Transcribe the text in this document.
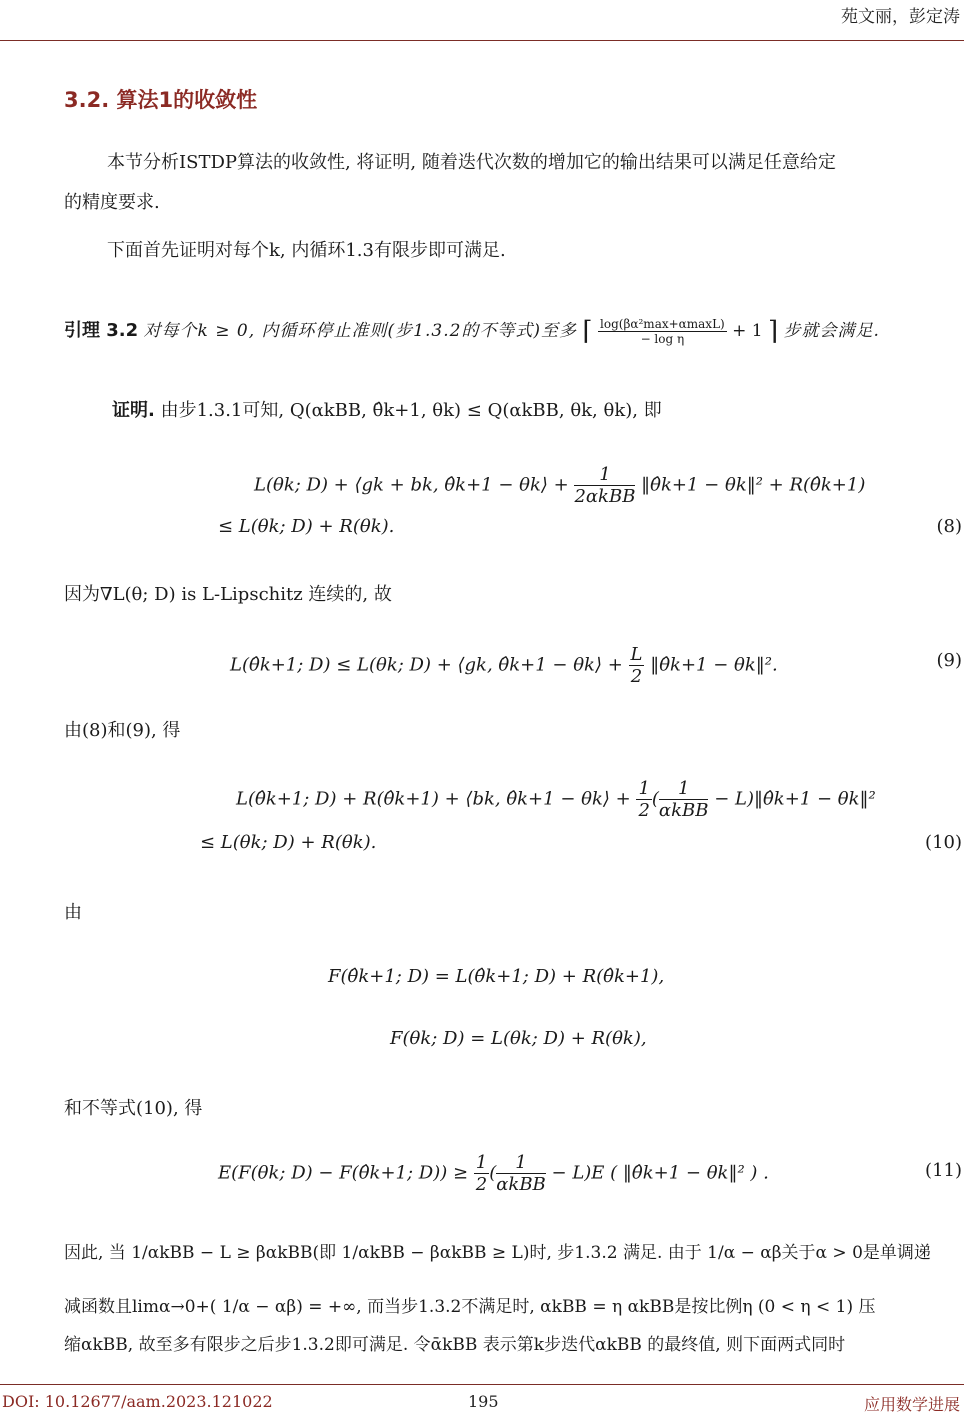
苑文丽，彭定涛
3.2. 算法1的收敛性
本节分析ISTDP算法的收敛性, 将证明, 随着迭代次数的增加它的输出结果可以满足任意给定
的精度要求.
下面首先证明对每个k, 内循环1.3有限步即可满足.
引理 3.2 对每个k ≥ 0, 内循环停止准则(步1.3.2的不等式)至多 ⌈ $\frac{\text{log(βα²max+αmaxL)}}{\text{− log η}} + 1$ ⌉ 步就会满足.
证明. 由步1.3.1可知, Q(αkBB, θ̂k+1, θk) ≤ Q(αkBB, θk, θk), 即
L(θk; D) + ⟨gk + bk, θ̂k+1 − θk⟩ + $\frac{1}{\text{2αkBB}}$ ‖θ̂k+1 − θk‖² + R(θ̂k+1)
≤ L(θk; D) + R(θk).	(8)
因为∇L(θ; D) is L-Lipschitz 连续的, 故
L(θ̂k+1; D) ≤ L(θk; D) + ⟨gk, θ̂k+1 − θk⟩ + $\frac{L}{2}$ ‖θ̂k+1 − θk‖².	(9)
由(8)和(9), 得
L(θ̂k+1; D) + R(θ̂k+1) + ⟨bk, θ̂k+1 − θk⟩ + $\frac{1}{2}$ ( $\frac{1}{\text{αkBB}}$ − L)‖θ̂k+1 − θk‖²
≤ L(θk; D) + R(θk).	(10)
由
F(θ̂k+1; D) = L(θ̂k+1; D) + R(θ̂k+1),
F(θk; D) = L(θk; D) + R(θk),
和不等式(10), 得
E(F(θk; D) − F(θ̂k+1; $D)) \ge \frac{1}{2}$ ( $\frac{1}{\text{αkBB}} - L)E$ ( ‖θ̂k+1 − θk‖² ) .	(11)
因此, 当 1/αkBB − L ≥ βαkBB(即 1/αkBB − βαkBB ≥ L)时, 步1.3.2 满足. 由于 1/α − αβ关于α > 0是单调递
减函数且limα→0+( 1/α − αβ) = +∞, 而当步1.3.2不满足时, αkBB = η αkBB是按比例η (0 < η < 1) 压
缩αkBB, 故至多有限步之后步1.3.2即可满足. 令ᾱkBB 表示第k步迭代αkBB 的最终值, 则下面两式同时
DOI: 10.12677/aam.2023.121022	195	应用数学进展
